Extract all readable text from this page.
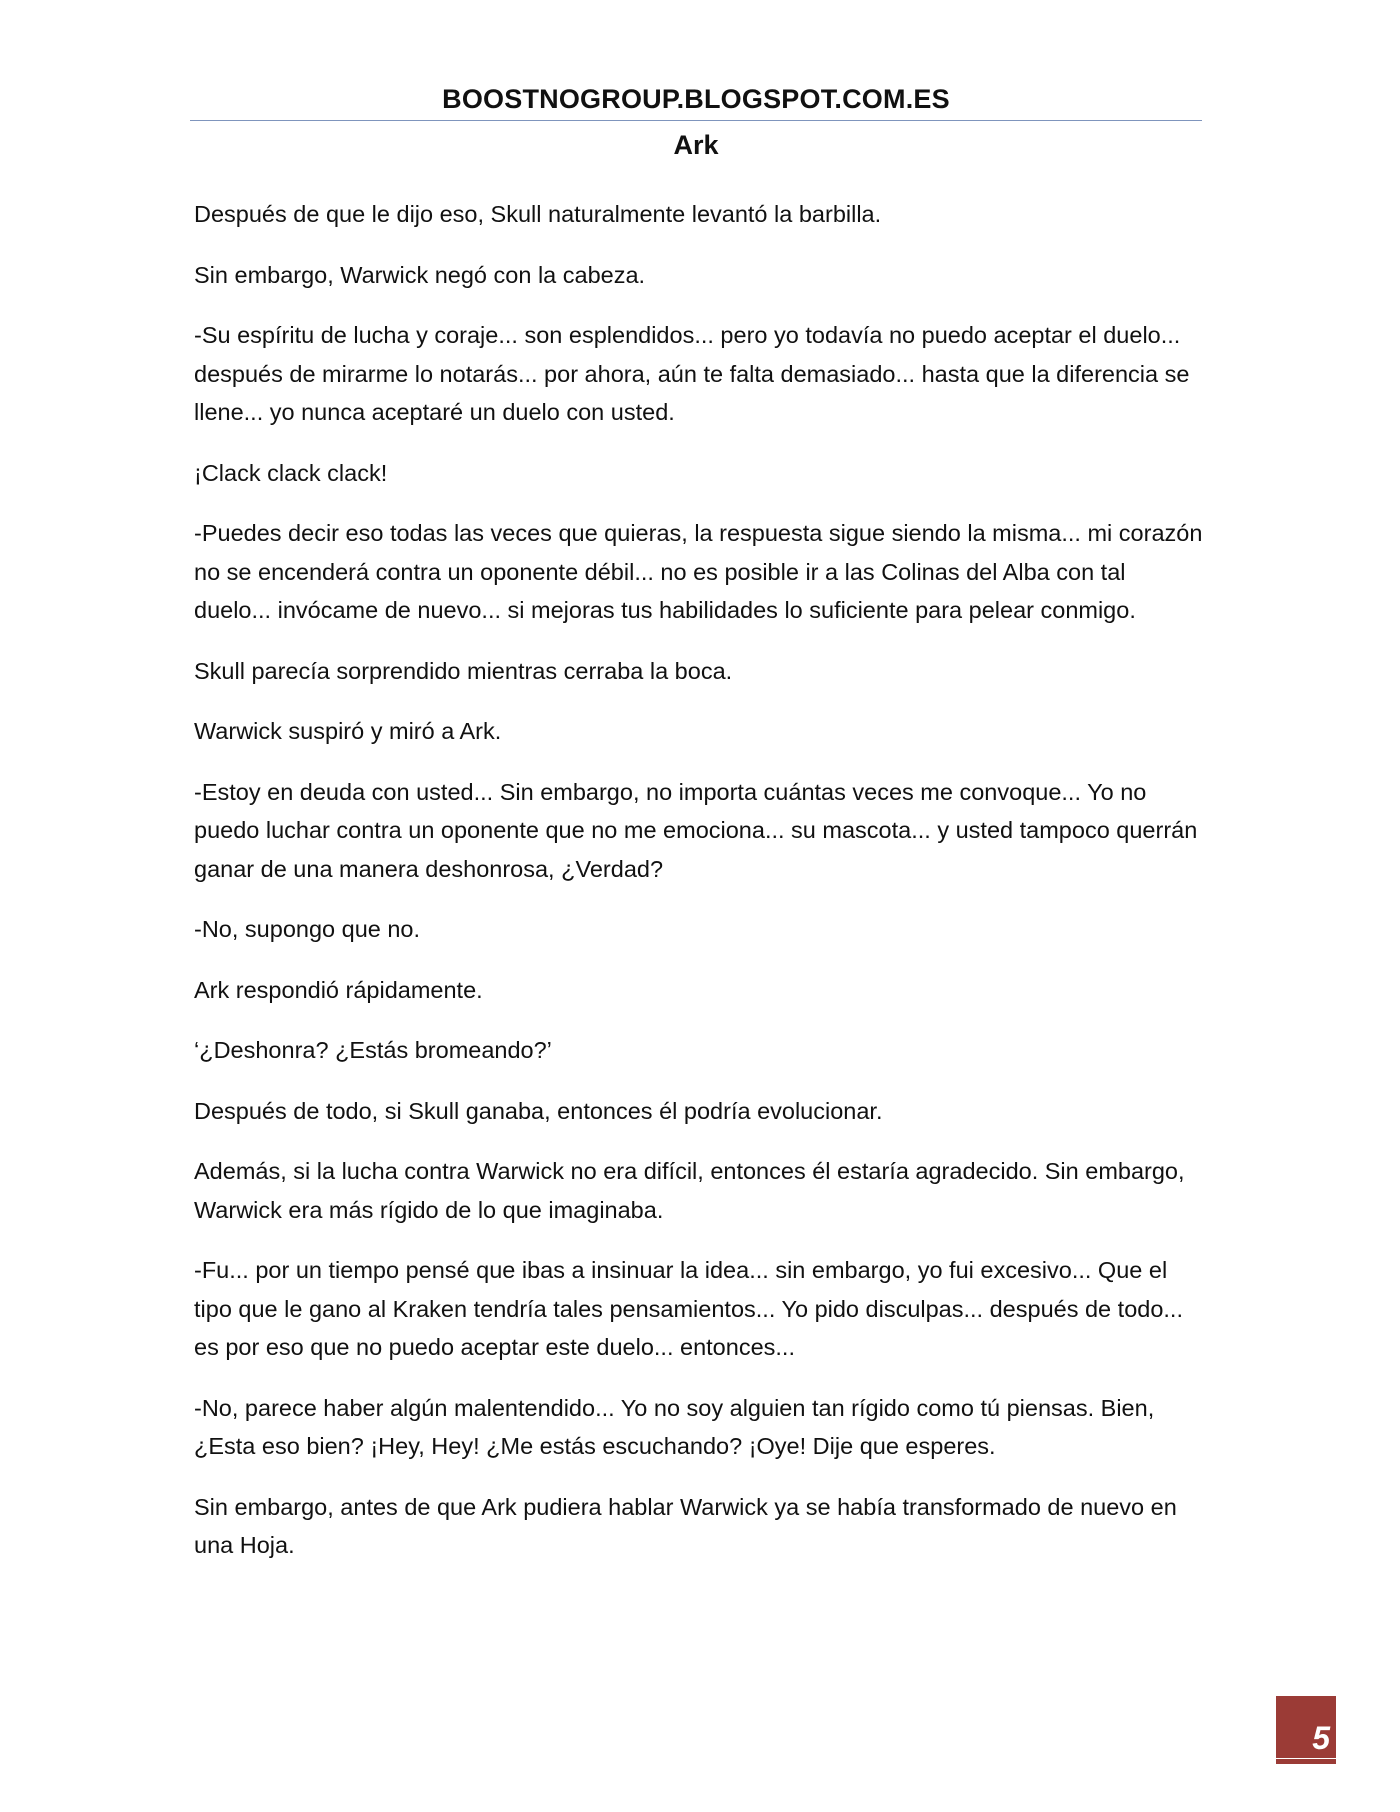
BOOSTNOGROUP.BLOGSPOT.COM.ES
Ark

Después de que le dijo eso, Skull naturalmente levantó la barbilla.

Sin embargo, Warwick negó con la cabeza.

-Su espíritu de lucha y coraje... son esplendidos... pero yo todavía no puedo aceptar el duelo... después de mirarme lo notarás... por ahora, aún te falta demasiado... hasta que la diferencia se llene... yo nunca aceptaré un duelo con usted.

¡Clack clack clack!

-Puedes decir eso todas las veces que quieras, la respuesta sigue siendo la misma... mi corazón no se encenderá contra un oponente débil... no es posible ir a las Colinas del Alba con tal duelo... invócame de nuevo... si mejoras tus habilidades lo suficiente para pelear conmigo.

Skull parecía sorprendido mientras cerraba la boca.

Warwick suspiró y miró a Ark.

-Estoy en deuda con usted... Sin embargo, no importa cuántas veces me convoque... Yo no puedo luchar contra un oponente que no me emociona... su mascota... y usted tampoco querrán ganar de una manera deshonrosa, ¿Verdad?

-No, supongo que no.

Ark respondió rápidamente.

‘¿Deshonra? ¿Estás bromeando?’

Después de todo, si Skull ganaba, entonces él podría evolucionar.

Además, si la lucha contra Warwick no era difícil, entonces él estaría agradecido. Sin embargo, Warwick era más rígido de lo que imaginaba.

-Fu... por un tiempo pensé que ibas a insinuar la idea... sin embargo, yo fui excesivo... Que el tipo que le gano al Kraken tendría tales pensamientos... Yo pido disculpas... después de todo... es por eso que no puedo aceptar este duelo... entonces...

-No, parece haber algún malentendido... Yo no soy alguien tan rígido como tú piensas. Bien, ¿Esta eso bien? ¡Hey, Hey! ¿Me estás escuchando? ¡Oye! Dije que esperes.

Sin embargo, antes de que Ark pudiera hablar Warwick ya se había transformado de nuevo en una Hoja.

5
